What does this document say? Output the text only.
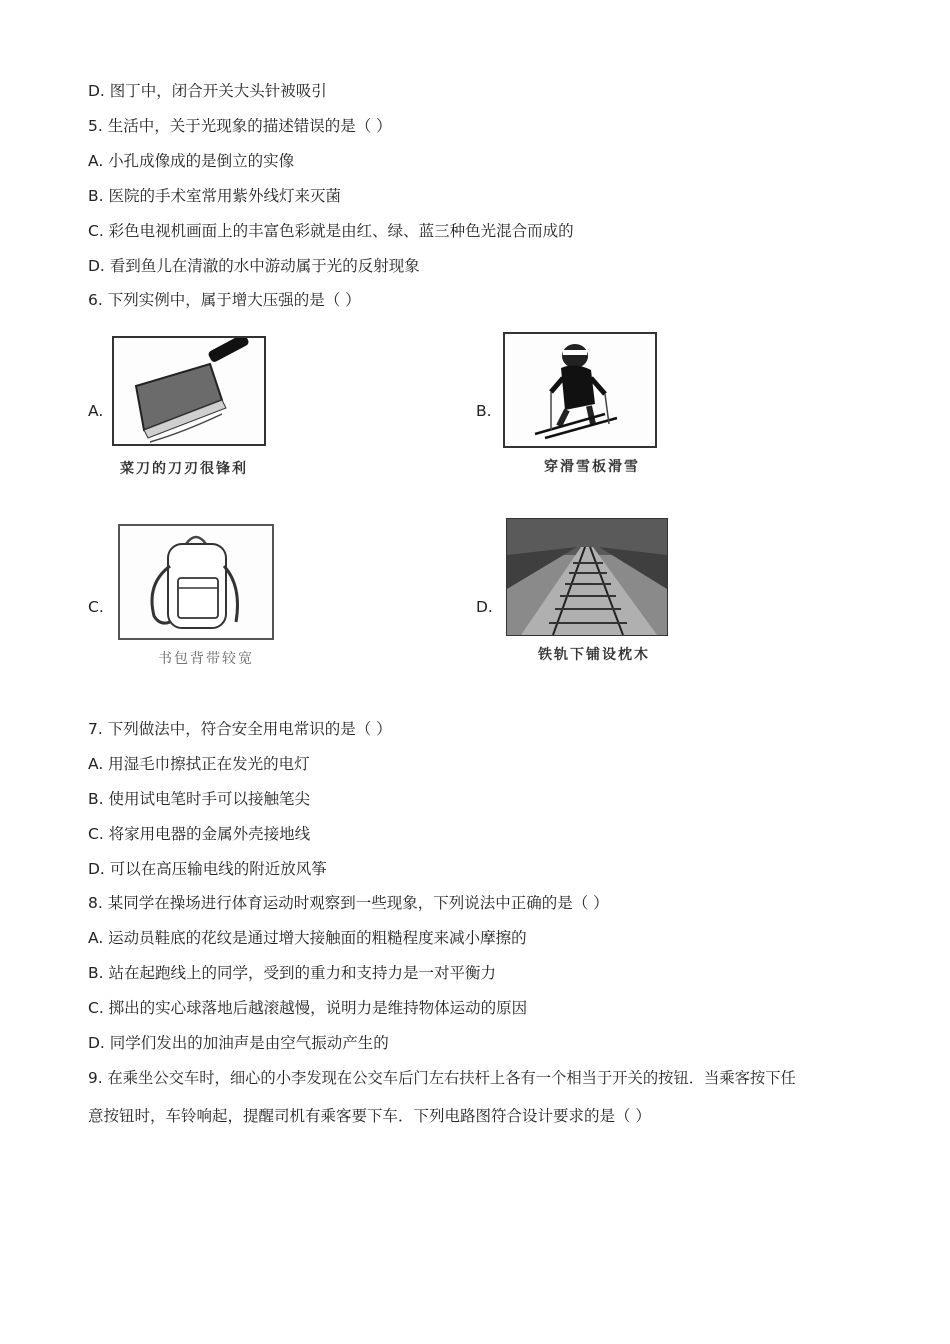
D. 图丁中，闭合开关大头针被吸引
5. 生活中，关于光现象的描述错误的是（ ）
A. 小孔成像成的是倒立的实像
B. 医院的手术室常用紫外线灯来灭菌
C. 彩色电视机画面上的丰富色彩就是由红、绿、蓝三种色光混合而成的
D. 看到鱼儿在清澈的水中游动属于光的反射现象
6. 下列实例中，属于增大压强的是（ ）
A.
菜刀的刀刃很锋利
B.
穿滑雪板滑雪
C.
书包背带较宽
D.
铁轨下铺设枕木
7. 下列做法中，符合安全用电常识的是（ ）
A. 用湿毛巾擦拭正在发光的电灯
B. 使用试电笔时手可以接触笔尖
C. 将家用电器的金属外壳接地线
D. 可以在高压输电线的附近放风筝
8. 某同学在操场进行体育运动时观察到一些现象，下列说法中正确的是（ ）
A. 运动员鞋底的花纹是通过增大接触面的粗糙程度来减小摩擦的
B. 站在起跑线上的同学，受到的重力和支持力是一对平衡力
C. 掷出的实心球落地后越滚越慢，说明力是维持物体运动的原因
D. 同学们发出的加油声是由空气振动产生的
9. 在乘坐公交车时，细心的小李发现在公交车后门左右扶杆上各有一个相当于开关的按钮．当乘客按下任
意按钮时，车铃响起，提醒司机有乘客要下车．下列电路图符合设计要求的是（ ）
